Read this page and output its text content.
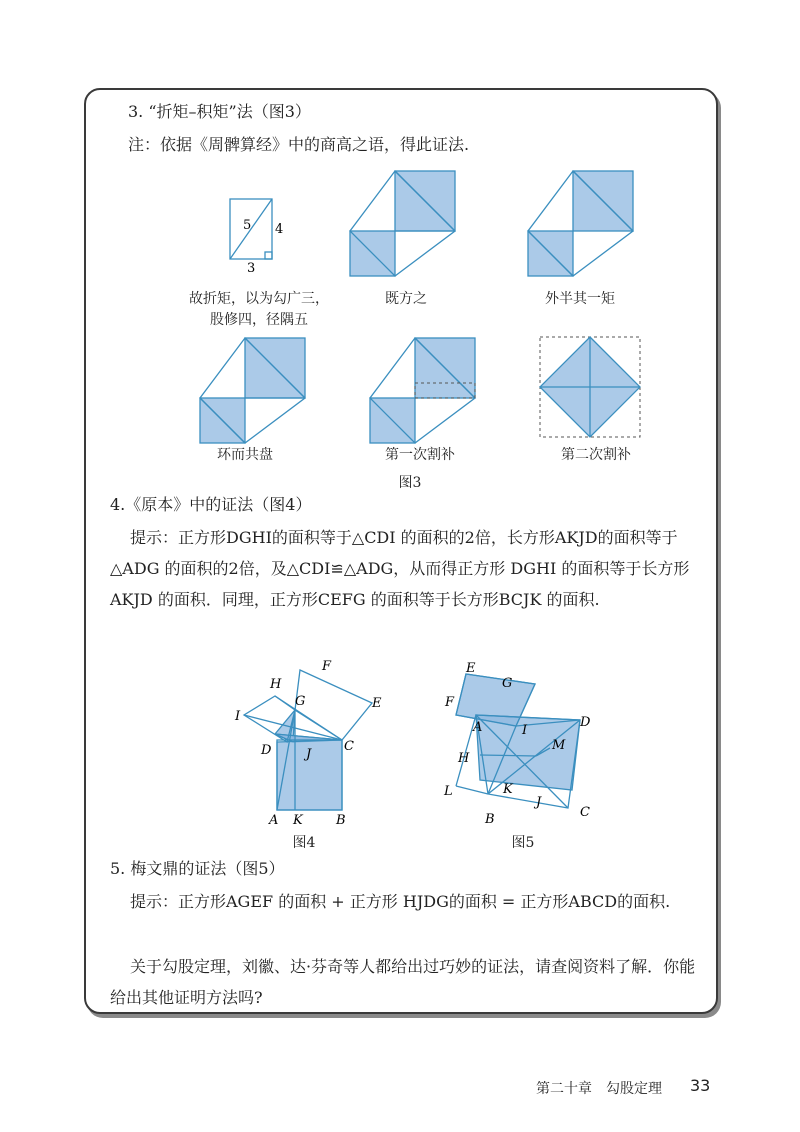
3. “折矩–积矩”法（图3）
注：依据《周髀算经》中的商高之语，得此证法.
5 4
3
故折矩，以为勾广三，
股修四，径隅五
既方之	外半其一矩
环而共盘	第一次割补	第二次割补
图3
4.《原本》中的证法（图4）
提示：正方形DGHI的面积等于△CDI 的面积的2倍，长方形AKJD的面积等于△ADG 的面积的2倍，及△CDI≌△ADG，从而得正方形 DGHI 的面积等于长方形AKJD 的面积．同理，正方形CEFG 的面积等于长方形BCJK 的面积.
H
F
G	E
I
D	C
J
A K	B
图4
E
G
F
A	D
I
M
H
L	K
J
B	C
图5
5. 梅文鼎的证法（图5）
提示：正方形AGEF 的面积 + 正方形 HJDG的面积 = 正方形ABCD的面积.
关于勾股定理，刘徽、达·芬奇等人都给出过巧妙的证法，请查阅资料了解．你能给出其他证明方法吗?
第二十章　勾股定理 33
